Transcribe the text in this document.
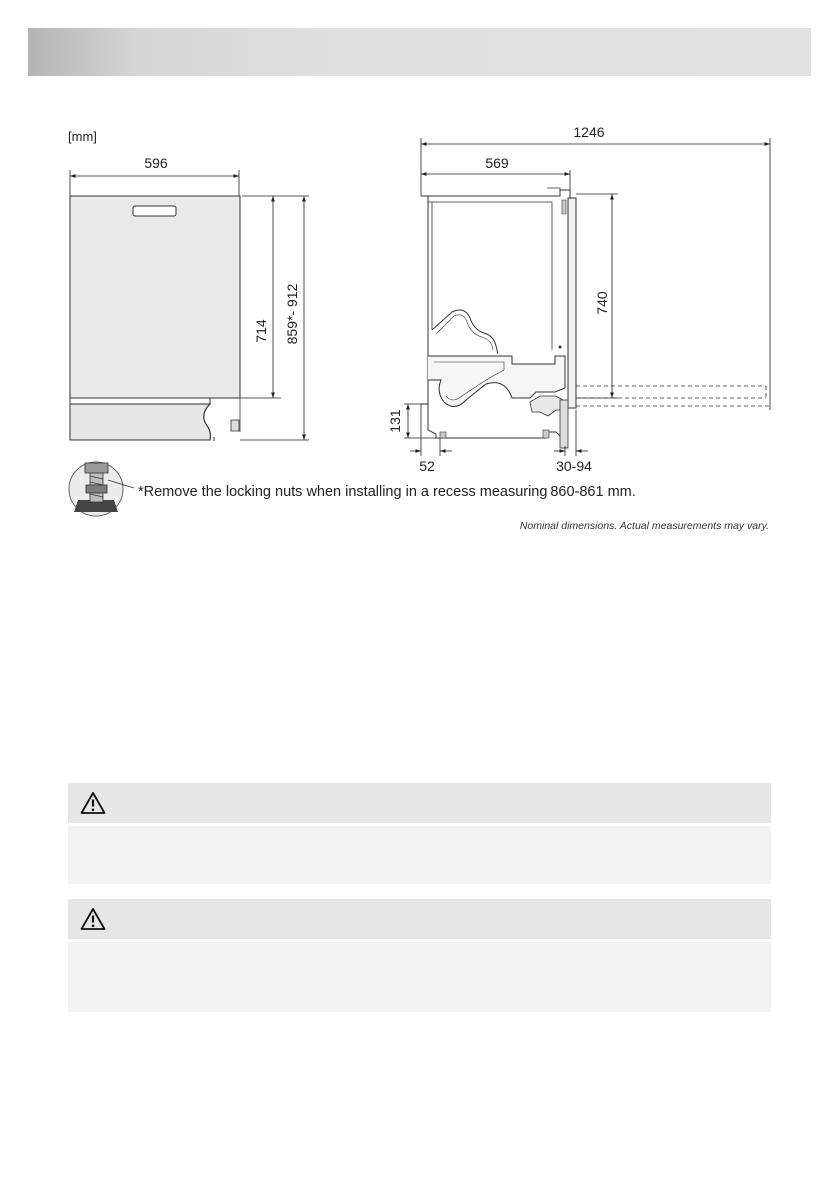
[mm]
596
714 859*- 912
1246
569
740
131
52	30-94
*Remove the locking nuts when installing in a recess measuring 860-861 mm.
Nominal dimensions. Actual measurements may vary.
